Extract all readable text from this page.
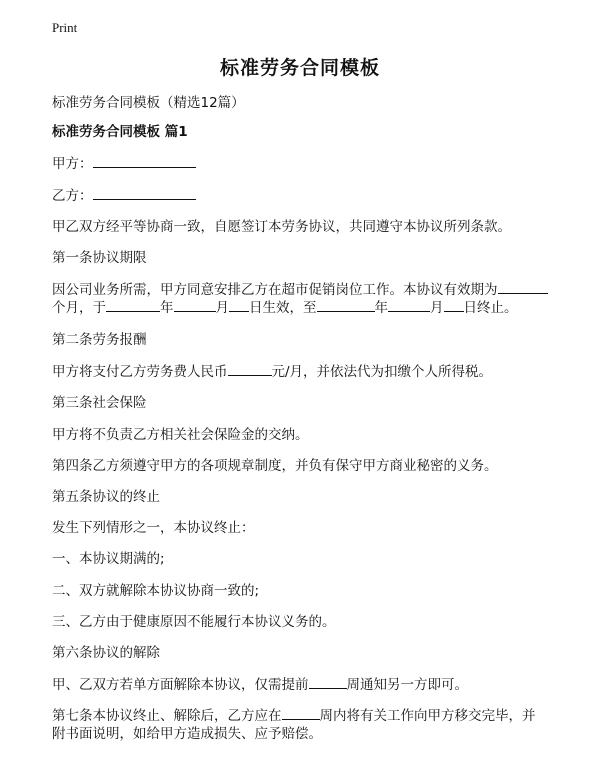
Print
标准劳务合同模板
标准劳务合同模板（精选12篇）
标准劳务合同模板 篇1
甲方：
乙方：
甲乙双方经平等协商一致，自愿签订本劳务协议，共同遵守本协议所列条款。
第一条协议期限
因公司业务所需，甲方同意安排乙方在超市促销岗位工作。本协议有效期为
个月，于	年	月 日生效，至	年	月 日终止。
第二条劳务报酬
甲方将支付乙方劳务费人民币	元/月，并依法代为扣缴个人所得税。
第三条社会保险
甲方将不负责乙方相关社会保险金的交纳。
第四条乙方须遵守甲方的各项规章制度，并负有保守甲方商业秘密的义务。
第五条协议的终止
发生下列情形之一，本协议终止：
一、本协议期满的;
二、双方就解除本协议协商一致的;
三、乙方由于健康原因不能履行本协议义务的。
第六条协议的解除
甲、乙双方若单方面解除本协议，仅需提前	周通知另一方即可。
第七条本协议终止、解除后，乙方应在	周内将有关工作向甲方移交完毕，并
附书面说明，如给甲方造成损失、应予赔偿。
